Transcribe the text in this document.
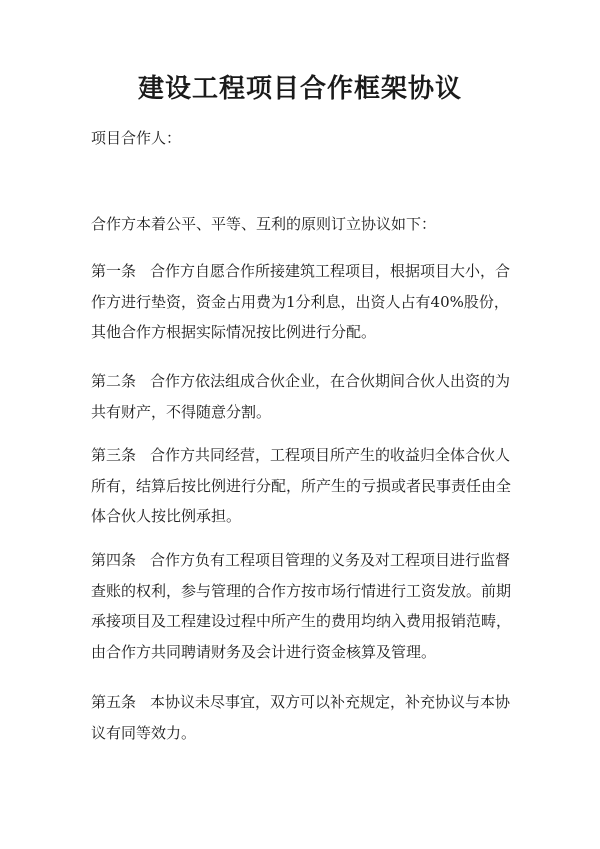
建设工程项目合作框架协议
项目合作人：
合作方本着公平、平等、互利的原则订立协议如下：

第一条 合作方自愿合作所接建筑工程项目，根据项目大小，合作方进行垫资，资金占用费为1分利息，出资人占有40%股份，其他合作方根据实际情况按比例进行分配。

第二条 合作方依法组成合伙企业，在合伙期间合伙人出资的为共有财产，不得随意分割。

第三条 合作方共同经营，工程项目所产生的收益归全体合伙人所有，结算后按比例进行分配，所产生的亏损或者民事责任由全体合伙人按比例承担。

第四条 合作方负有工程项目管理的义务及对工程项目进行监督查账的权利，参与管理的合作方按市场行情进行工资发放。前期承接项目及工程建设过程中所产生的费用均纳入费用报销范畴，由合作方共同聘请财务及会计进行资金核算及管理。

第五条 本协议未尽事宜，双方可以补充规定，补充协议与本协议有同等效力。
